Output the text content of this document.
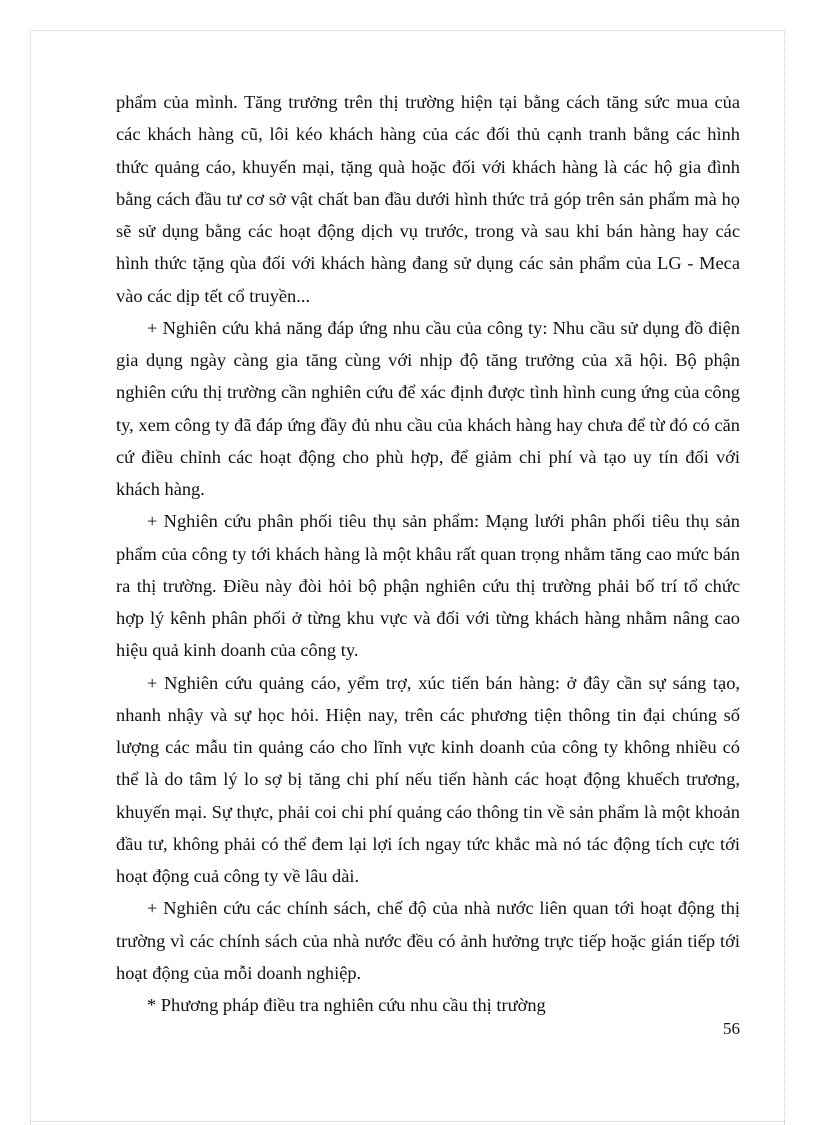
phẩm của mình. Tăng trưởng trên thị trường hiện tại bằng cách tăng sức mua của các khách hàng cũ, lôi kéo khách hàng của các đối thủ cạnh tranh bằng các hình thức quảng cáo, khuyến mại, tặng quà hoặc đối với khách hàng là các hộ gia đình bằng cách đầu tư cơ sở vật chất ban đầu dưới hình thức trả góp trên sản phẩm mà họ sẽ sử dụng bằng các hoạt động dịch vụ trước, trong và sau khi bán hàng hay các hình thức tặng qùa đối với khách hàng đang sử dụng các sản phẩm của LG - Meca vào các dịp tết cổ truyền...

+ Nghiên cứu khả năng đáp ứng nhu cầu của công ty: Nhu cầu sử dụng đồ điện gia dụng ngày càng gia tăng cùng với nhịp độ tăng trưởng của xã hội. Bộ phận nghiên cứu thị trường cần nghiên cứu để xác định được tình hình cung ứng của công ty, xem công ty đã đáp ứng đầy đủ nhu cầu của khách hàng hay chưa để từ đó có căn cứ điều chỉnh các hoạt động cho phù hợp, để giảm chi phí và tạo uy tín đối với khách hàng.

+ Nghiên cứu phân phối tiêu thụ sản phẩm: Mạng lưới phân phối tiêu thụ sản phẩm của công ty tới khách hàng là một khâu rất quan trọng nhằm tăng cao mức bán ra thị trường. Điều này đòi hỏi bộ phận nghiên cứu thị trường phải bố trí tổ chức hợp lý kênh phân phối ở từng khu vực và đối với từng khách hàng nhằm nâng cao hiệu quả kinh doanh của công ty.

+ Nghiên cứu quảng cáo, yểm trợ, xúc tiến bán hàng: ở đây cần sự sáng tạo, nhanh nhậy và sự học hỏi. Hiện nay, trên các phương tiện thông tin đại chúng số lượng các mẫu tin quảng cáo cho lĩnh vực kinh doanh của công ty không nhiều có thể là do tâm lý lo sợ bị tăng chi phí nếu tiến hành các hoạt động khuếch trương, khuyến mại. Sự thực, phải coi chi phí quảng cáo thông tin về sản phẩm là một khoản đầu tư, không phải có thể đem lại lợi ích ngay tức khắc mà nó tác động tích cực tới hoạt động cuả công ty về lâu dài.

+ Nghiên cứu các chính sách, chế độ của nhà nước liên quan tới hoạt động thị trường vì các chính sách của nhà nước đều có ảnh hưởng trực tiếp hoặc gián tiếp tới hoạt động của mỗi doanh nghiệp.

* Phương pháp điều tra nghiên cứu nhu cầu thị trường

56
